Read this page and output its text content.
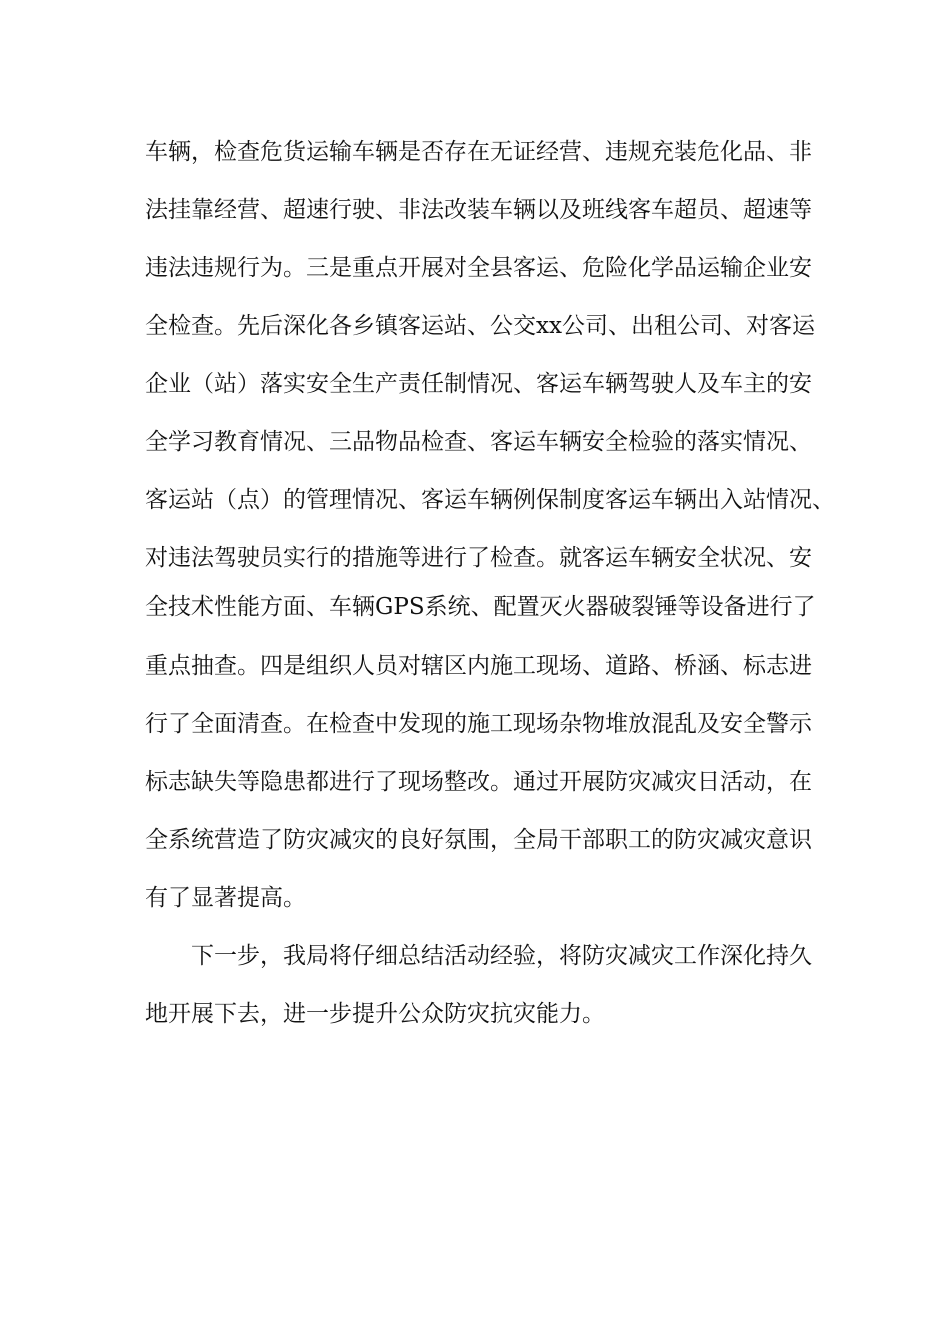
车辆，检查危货运输车辆是否存在无证经营、违规充装危化品、非
法挂靠经营、超速行驶、非法改装车辆以及班线客车超员、超速等
违法违规行为。三是重点开展对全县客运、危险化学品运输企业安
全检查。先后深化各乡镇客运站、公交xx公司、出租公司、对客运
企业（站）落实安全生产责任制情况、客运车辆驾驶人及车主的安
全学习教育情况、三品物品检查、客运车辆安全检验的落实情况、
客运站（点）的管理情况、客运车辆例保制度客运车辆出入站情况、
对违法驾驶员实行的措施等进行了检查。就客运车辆安全状况、安
全技术性能方面、车辆GPS系统、配置灭火器破裂锤等设备进行了
重点抽查。四是组织人员对辖区内施工现场、道路、桥涵、标志进
行了全面清查。在检查中发现的施工现场杂物堆放混乱及安全警示
标志缺失等隐患都进行了现场整改。通过开展防灾减灾日活动，在
全系统营造了防灾减灾的良好氛围，全局干部职工的防灾减灾意识
有了显著提高。
下一步，我局将仔细总结活动经验，将防灾减灾工作深化持久
地开展下去，进一步提升公众防灾抗灾能力。
